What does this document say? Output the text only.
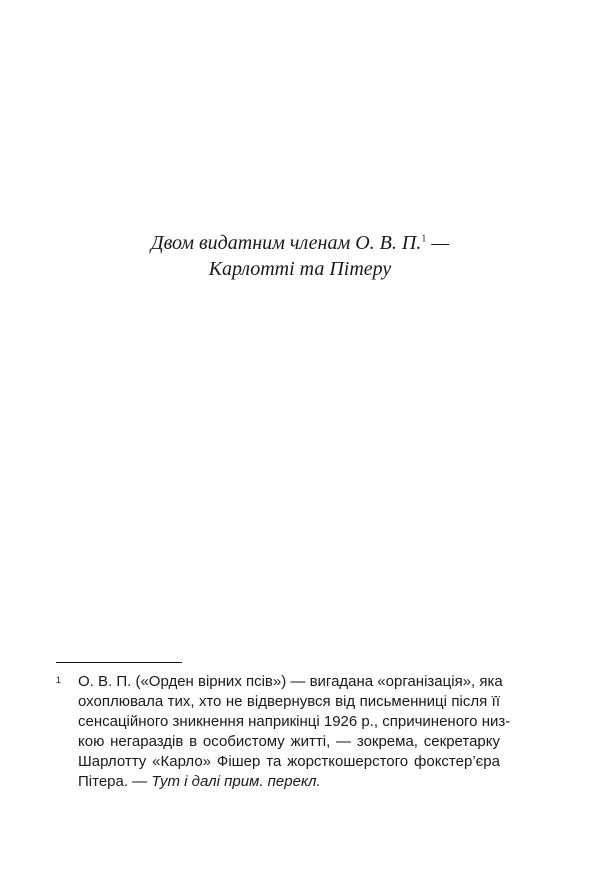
Двом видатним членам О. В. П.$^1$ —
Карлотті та Пітеру
1 О. В. П. («Орден вірних псів») — вигадана «організація», яка
охоплювала тих, хто не відвернувся від письменниці після її
сенсаційного зникнення наприкінці 1926 р., спричиненого низ-
кою негараздів в особистому житті, — зокрема, секретарку
Шарлотту «Карло» Фішер та жорсткошерстого фокстер’єра
Пітера. — Тут і далі прим. перекл.
